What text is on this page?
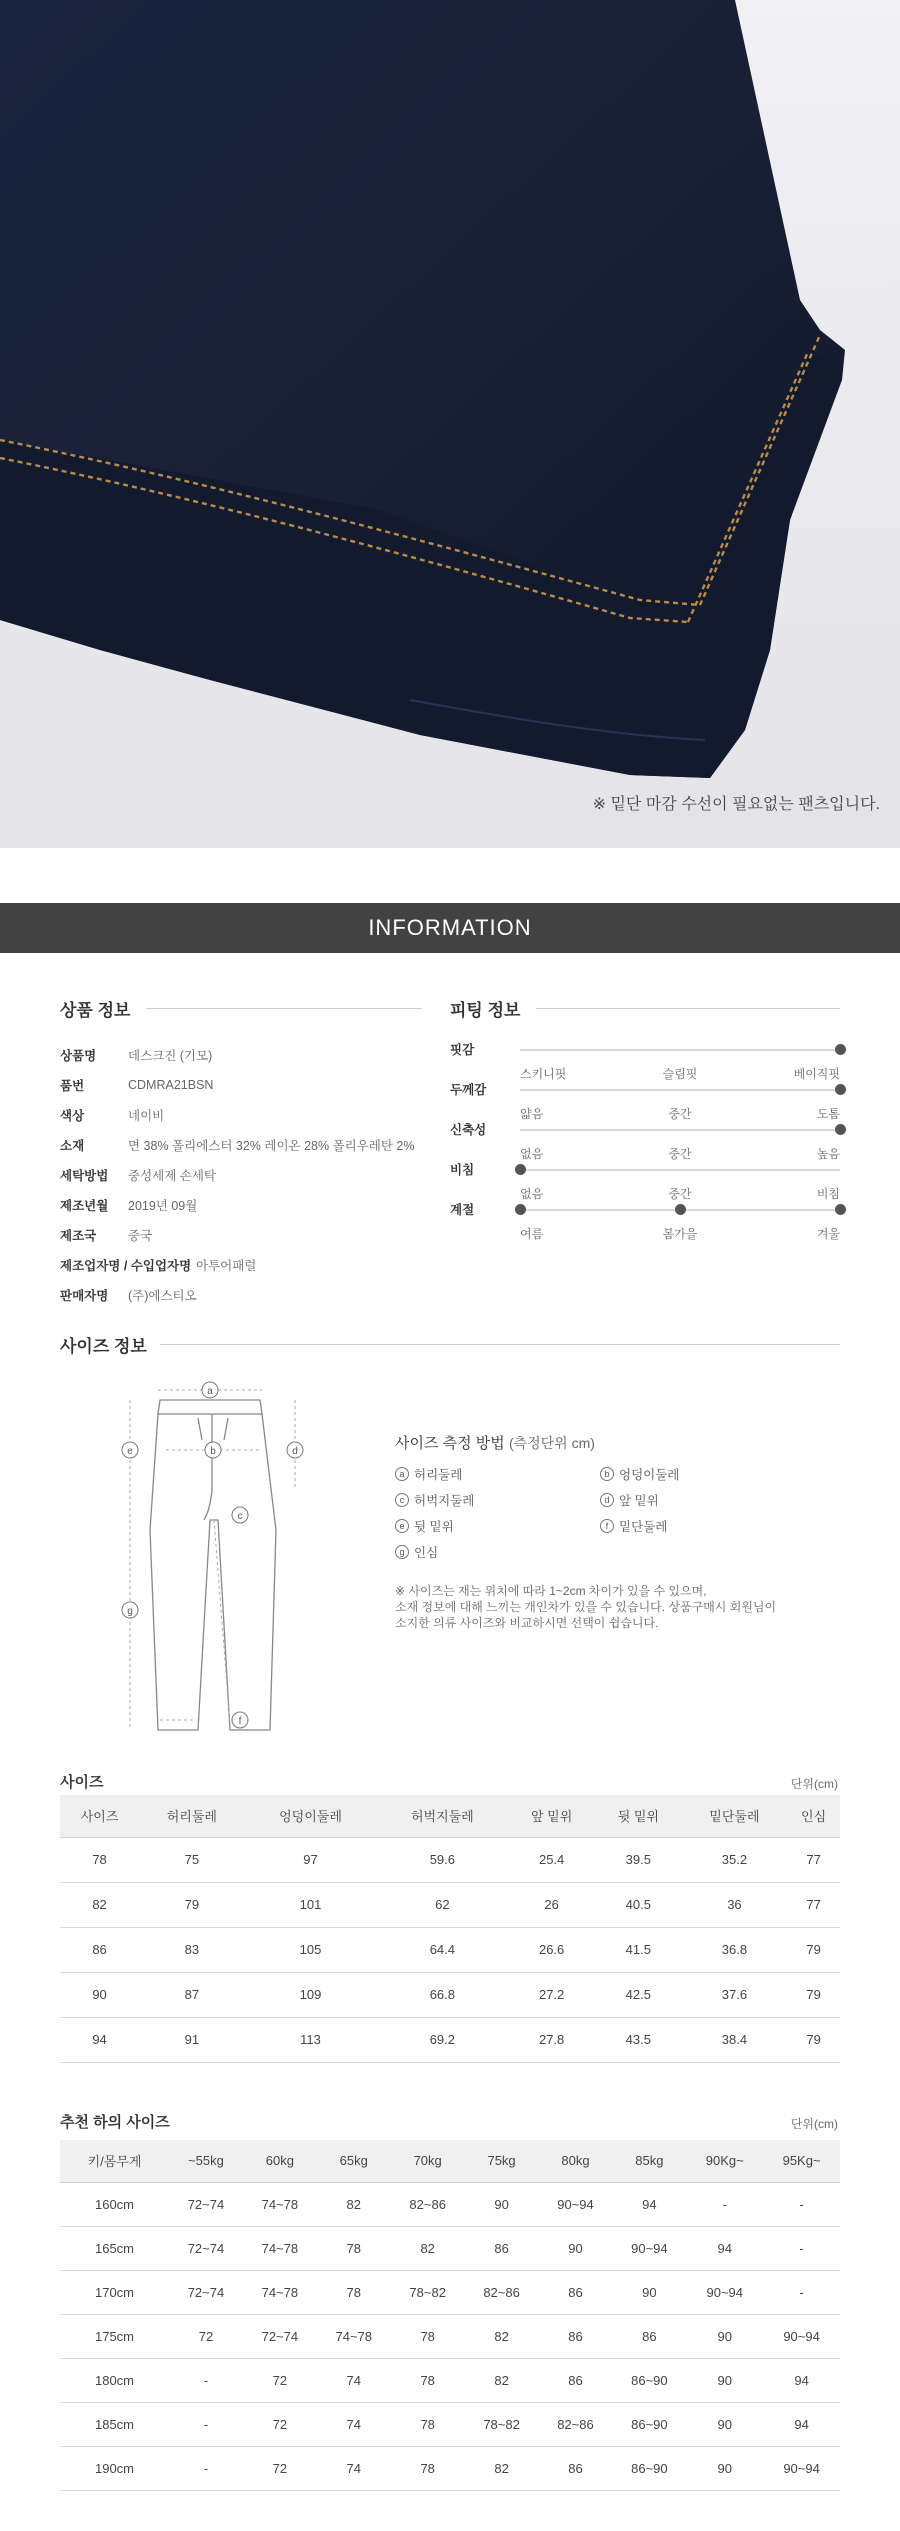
※ 밑단 마감 수선이 필요없는 팬츠입니다.
INFORMATION
상품 정보
상품명	데스크진 (기모)
품번	CDMRA21BSN
색상	네이비
소재	면 38% 폴리에스터 32% 레이온 28% 폴리우레탄 2%
세탁방법	중성세제 손세탁
제조년월	2019년 09월
제조국	중국
제조업자명 / 수입업자명 아투어패럴
판매자명	(주)에스티오
피팅 정보
핏감
스키니핏	슬림핏	베이직핏
두께감
얇음	중간	도톰
신축성
없음	중간	높음
비침
없음	중간	비침
계절
여름	봄가을	겨울
사이즈 정보
a
b
c
d
e
f
g
사이즈 측정 방법 (측정단위 cm)
a 허리둘레	b 엉덩이둘레
c 허벅지둘레	d 앞 밑위
e 뒷 밑위	f 밑단둘레
g 인심
※ 사이즈는 재는 위치에 따라 1~2cm 차이가 있을 수 있으며,
소재 정보에 대해 느끼는 개인차가 있을 수 있습니다. 상품구매시 회원님이
소지한 의류 사이즈와 비교하시면 선택이 쉽습니다.
사이즈	단위(cm)
사이즈	허리둘레	엉덩이둘레	허벅지둘레	앞 밑위	뒷 밑위	밑단둘레	인심
78	75	97	59.6	25.4	39.5	35.2	77
82	79	101	62	26	40.5	36	77
86	83	105	64.4	26.6	41.5	36.8	79
90	87	109	66.8	27.2	42.5	37.6	79
94	91	113	69.2	27.8	43.5	38.4	79
추천 하의 사이즈	단위(cm)
키/몸무게	~55kg	60kg	65kg	70kg	75kg	80kg	85kg	90Kg~	95Kg~
160cm	72~74	74~78	82	82~86	90	90~94	94	-	-
165cm	72~74	74~78	78	82	86	90	90~94	94	-
170cm	72~74	74~78	78	78~82	82~86	86	90	90~94	-
175cm	72	72~74	74~78	78	82	86	86	90	90~94
180cm	-	72	74	78	82	86	86~90	90	94
185cm	-	72	74	78	78~82	82~86	86~90	90	94
190cm	-	72	74	78	82	86	86~90	90	90~94
